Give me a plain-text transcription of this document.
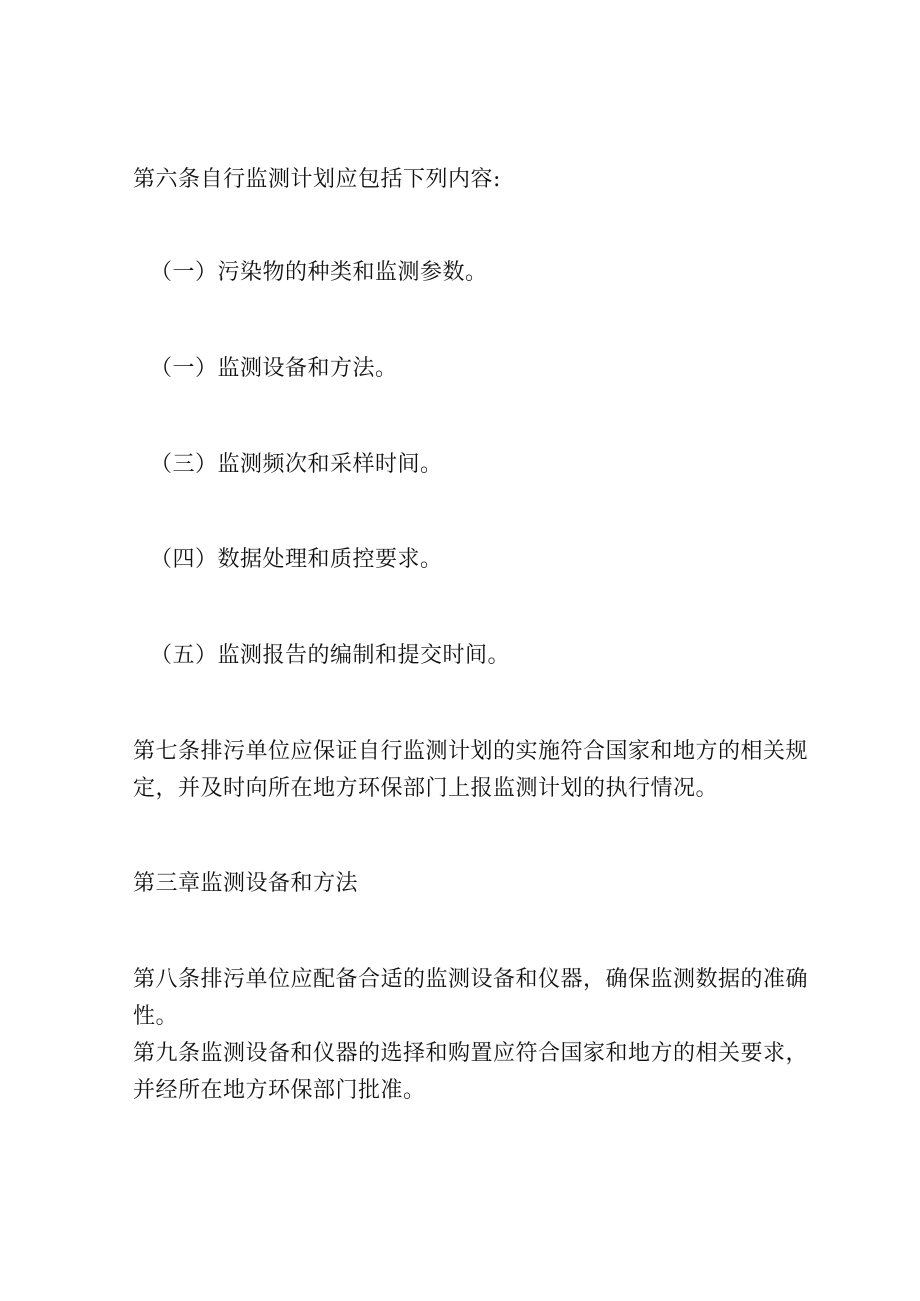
第六条自行监测计划应包括下列内容:
（一）污染物的种类和监测参数。
（一）监测设备和方法。
（三）监测频次和采样时间。
（四）数据处理和质控要求。
（五）监测报告的编制和提交时间。
第七条排污单位应保证自行监测计划的实施符合国家和地方的相关规
定，并及时向所在地方环保部门上报监测计划的执行情况。
第三章监测设备和方法
第八条排污单位应配备合适的监测设备和仪器，确保监测数据的准确
性。
第九条监测设备和仪器的选择和购置应符合国家和地方的相关要求，
并经所在地方环保部门批准。
